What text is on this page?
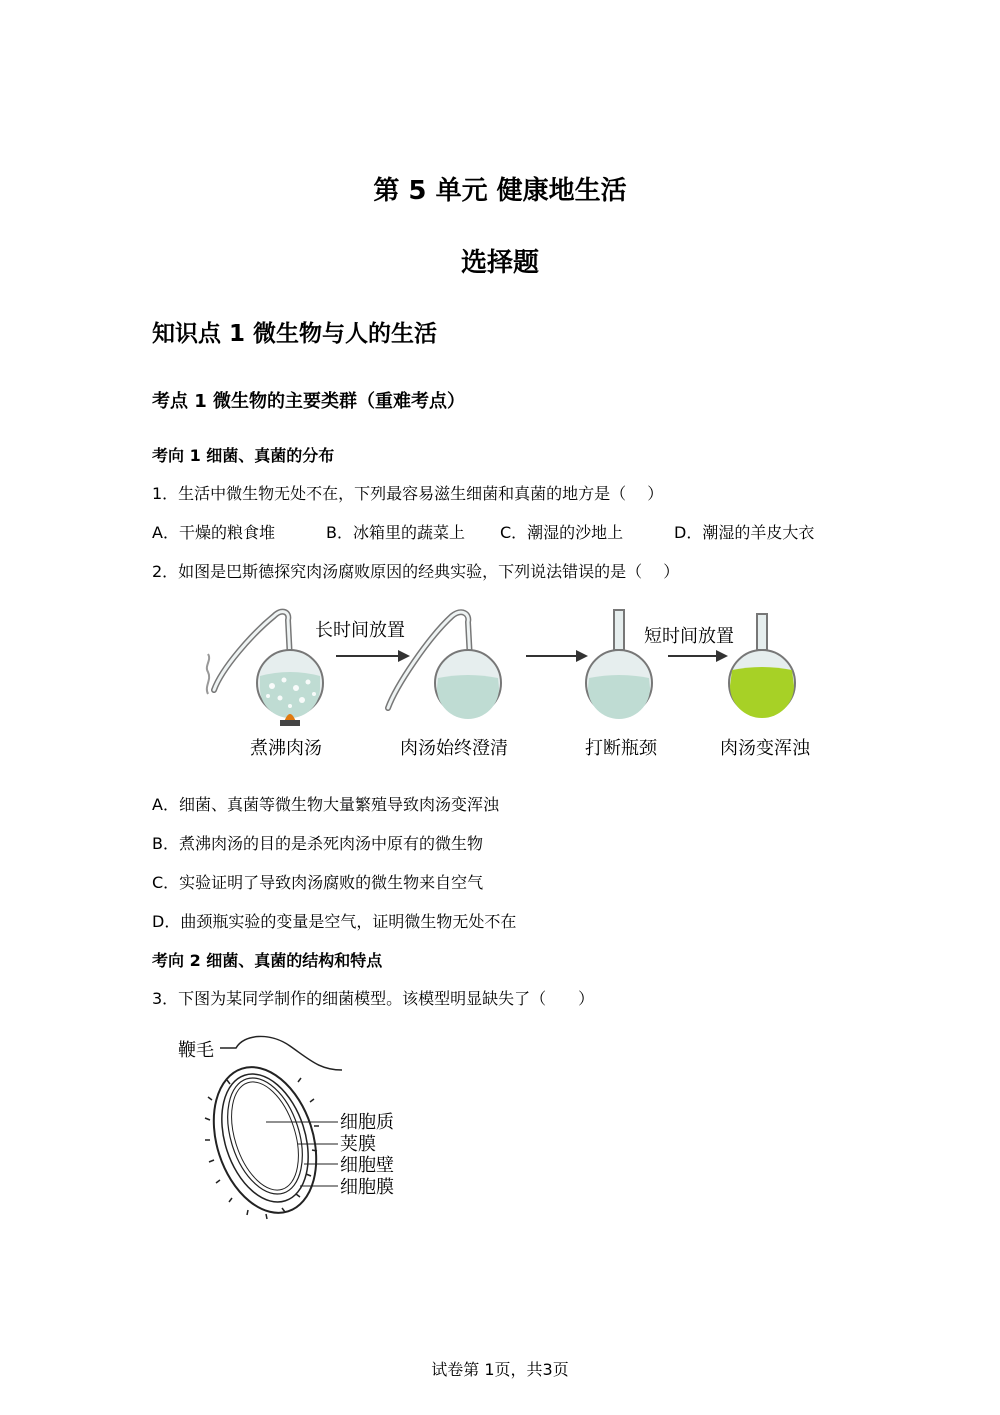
第 5 单元 健康地生活
选择题
知识点 1 微生物与人的生活
考点 1 微生物的主要类群（重难考点）
考向 1 细菌、真菌的分布
1．生活中微生物无处不在，下列最容易滋生细菌和真菌的地方是（　 ）
A．干燥的粮食堆	B．冰箱里的蔬菜上 C．潮湿的沙地上	D．潮湿的羊皮大衣
2．如图是巴斯德探究肉汤腐败原因的经典实验，下列说法错误的是（　 ）
长时间放置	短时间放置
煮沸肉汤	肉汤始终澄清	打断瓶颈	肉汤变浑浊
A．细菌、真菌等微生物大量繁殖导致肉汤变浑浊
B．煮沸肉汤的目的是杀死肉汤中原有的微生物
C．实验证明了导致肉汤腐败的微生物来自空气
D．曲颈瓶实验的变量是空气，证明微生物无处不在
考向 2 细菌、真菌的结构和特点
3．下图为某同学制作的细菌模型。该模型明显缺失了（　　）
鞭毛
细胞质
荚膜
细胞壁
细胞膜
试卷第 1页，共3页
